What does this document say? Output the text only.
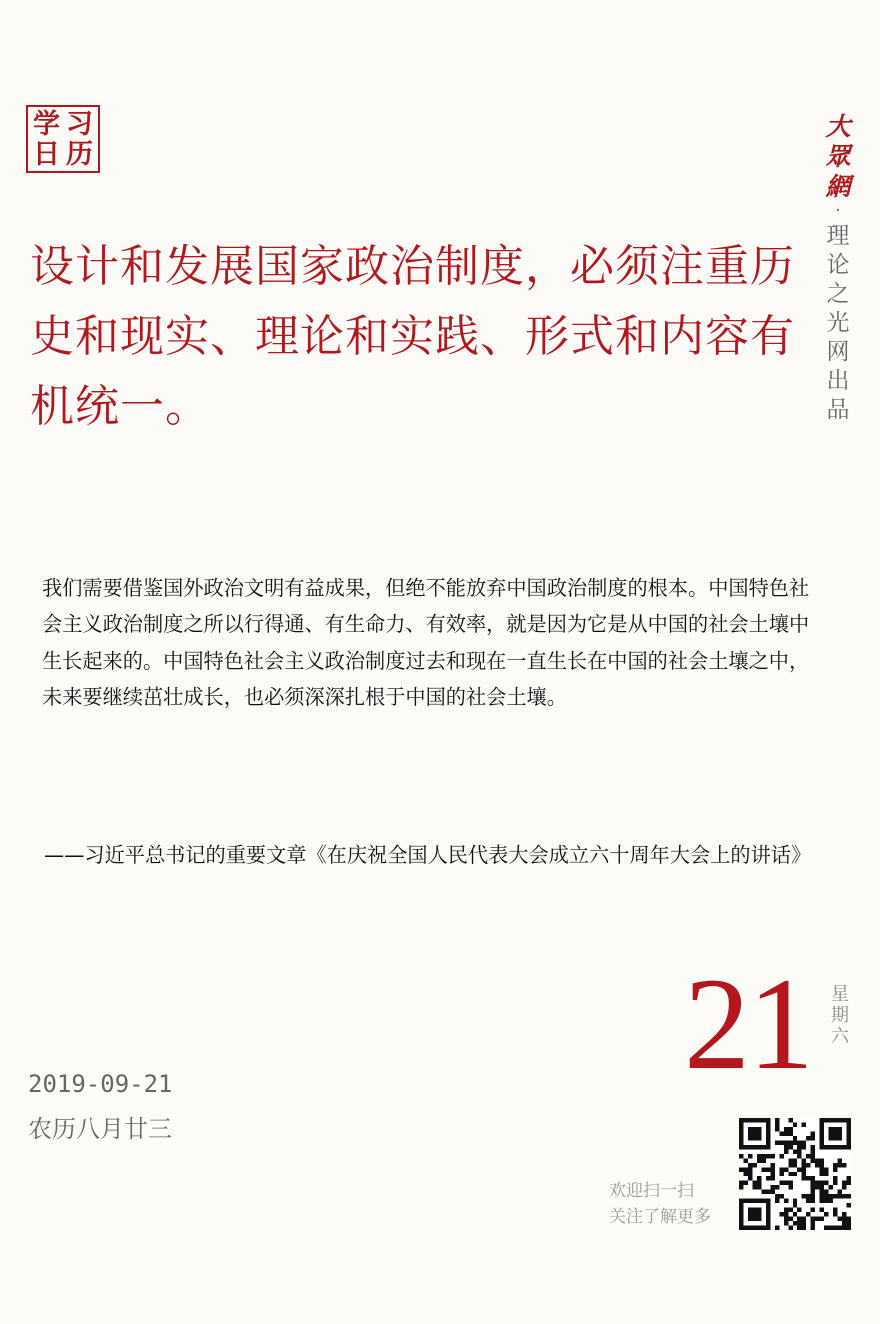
学 习
日 历

设计和发展国家政治制度，必须注重历史和现实、理论和实践、形式和内容有机统一。

大
眾
網
·
理
论
之
光
网
出
品

我们需要借鉴国外政治文明有益成果，但绝不能放弃中国政治制度的根本。中国特色社会主义政治制度之所以行得通、有生命力、有效率，就是因为它是从中国的社会土壤中生长起来的。中国特色社会主义政治制度过去和现在一直生长在中国的社会土壤之中，未来要继续茁壮成长，也必须深深扎根于中国的社会土壤。

——习近平总书记的重要文章《在庆祝全国人民代表大会成立六十周年大会上的讲话》

21 星
期
六
2019-09-21
农历八月廿三
欢迎扫一扫
关注了解更多
